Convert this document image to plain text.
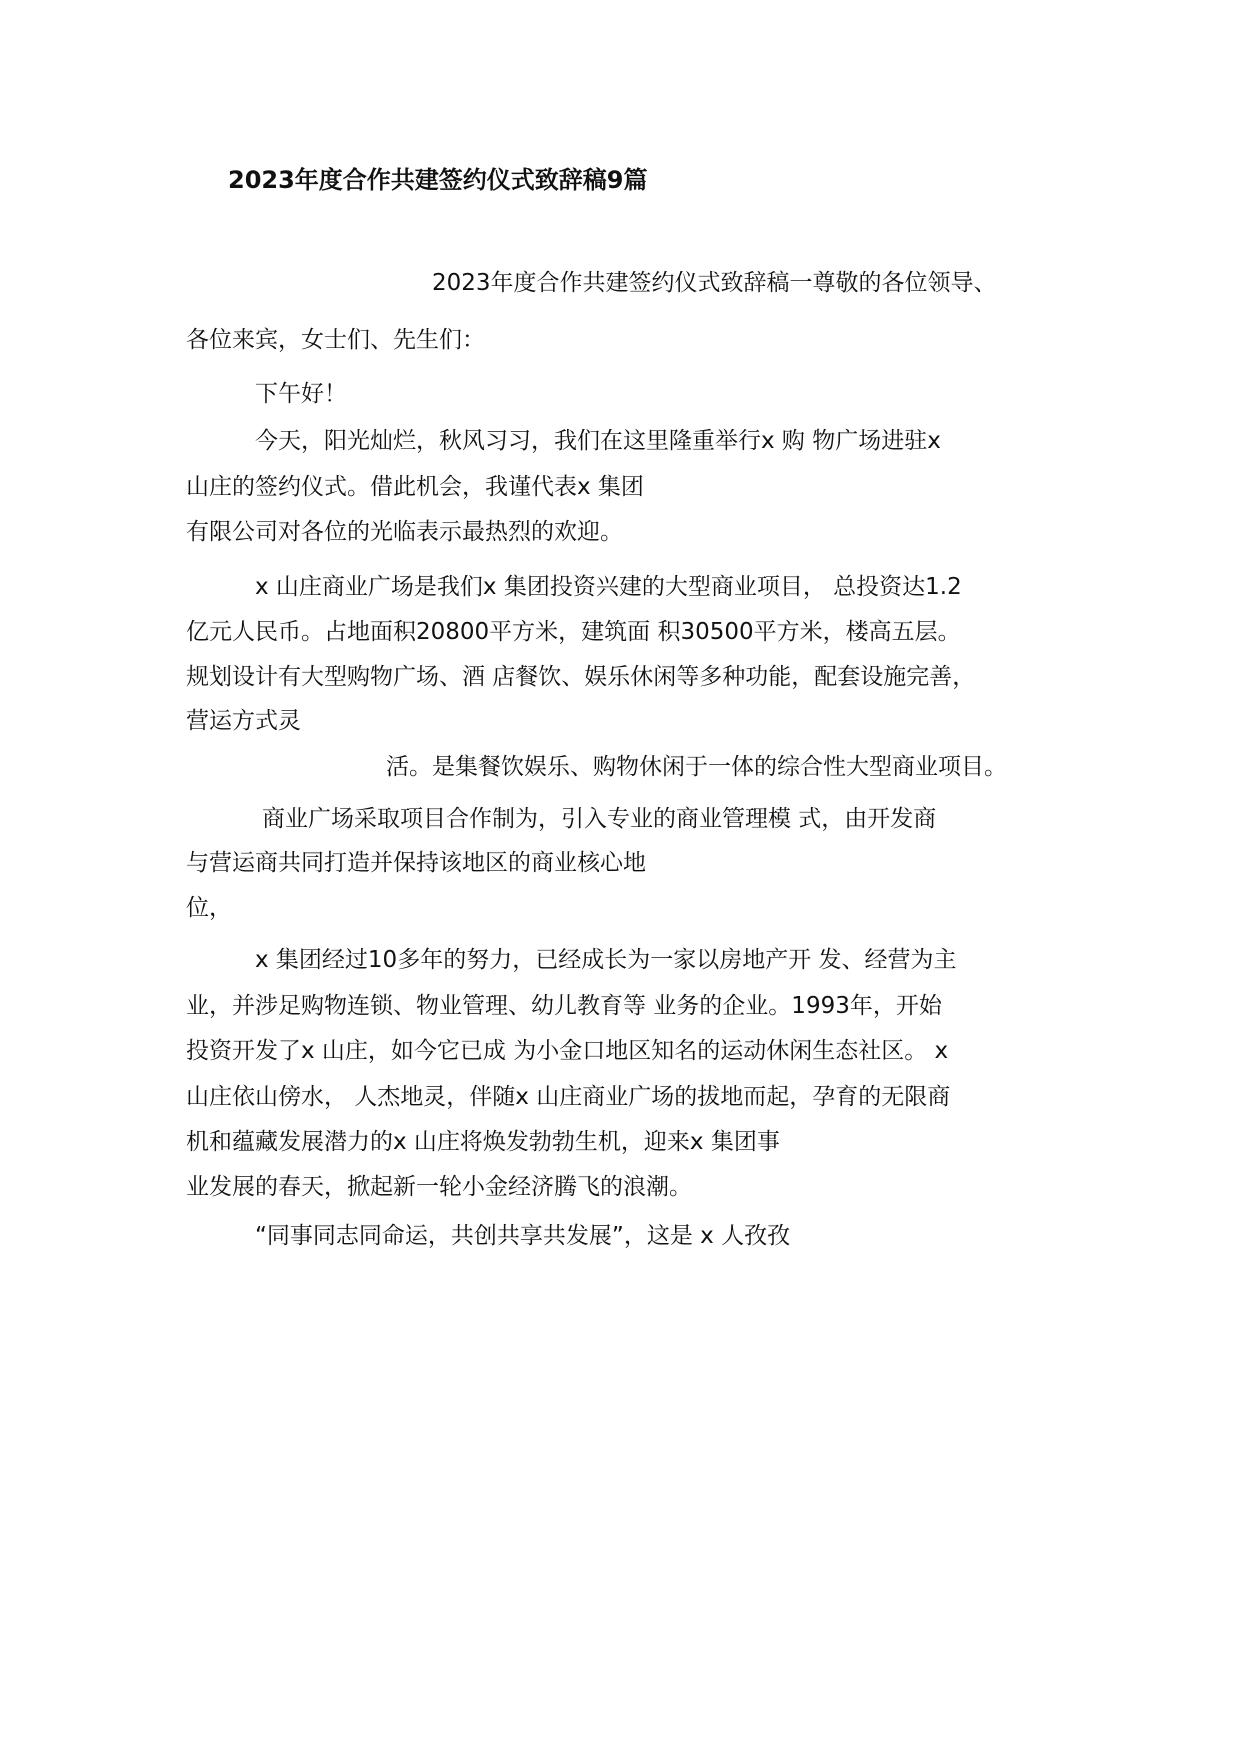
2023年度合作共建签约仪式致辞稿9篇
2023年度合作共建签约仪式致辞稿一尊敬的各位领导、
各位来宾，女士们、先生们：
下午好！
今天，阳光灿烂，秋风习习，我们在这里隆重举行x 购 物广场进驻x
山庄的签约仪式。借此机会，我谨代表x 集团
有限公司对各位的光临表示最热烈的欢迎。
x 山庄商业广场是我们x 集团投资兴建的大型商业项目， 总投资达1.2
亿元人民币。占地面积20800平方米，建筑面 积30500平方米，楼高五层。
规划设计有大型购物广场、酒 店餐饮、娱乐休闲等多种功能，配套设施完善，
营运方式灵
活。是集餐饮娱乐、购物休闲于一体的综合性大型商业项目。
商业广场采取项目合作制为，引入专业的商业管理模 式，由开发商
与营运商共同打造并保持该地区的商业核心地
位，
x 集团经过10多年的努力，已经成长为一家以房地产开 发、经营为主
业，并涉足购物连锁、物业管理、幼儿教育等 业务的企业。1993年，开始
投资开发了x 山庄，如今它已成 为小金口地区知名的运动休闲生态社区。 x
山庄依山傍水， 人杰地灵，伴随x 山庄商业广场的拔地而起，孕育的无限商
机和蕴藏发展潜力的x 山庄将焕发勃勃生机，迎来x 集团事
业发展的春天，掀起新一轮小金经济腾飞的浪潮。
“同事同志同命运，共创共享共发展”，这是 x 人孜孜
